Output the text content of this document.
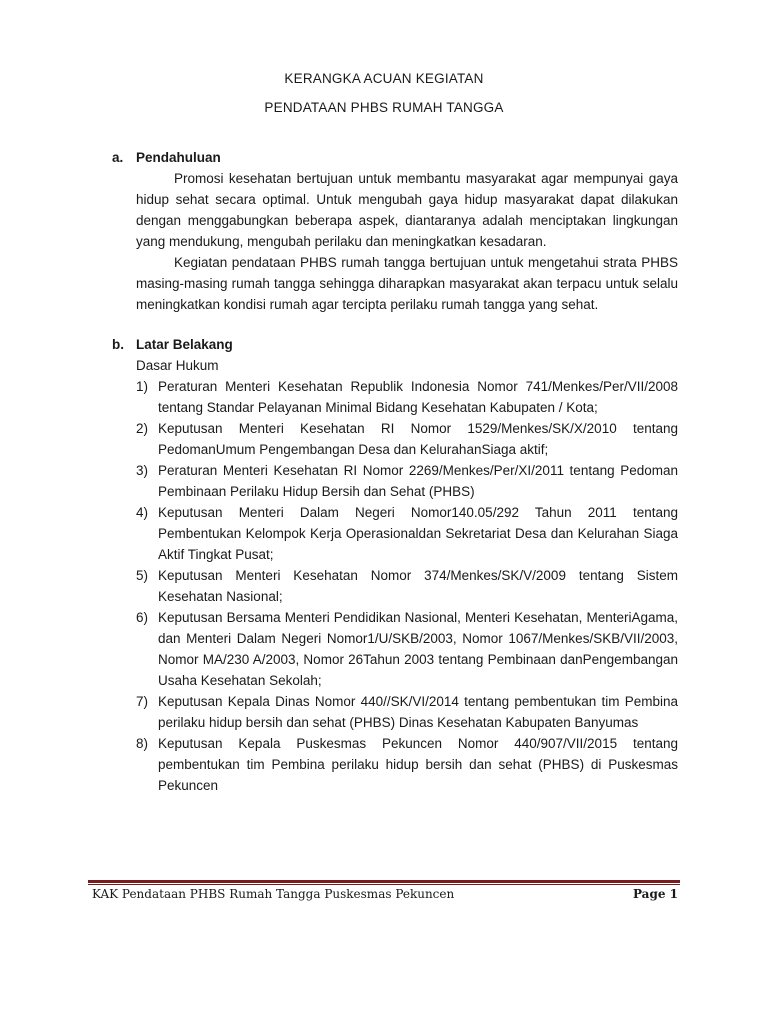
KERANGKA ACUAN KEGIATAN
PENDATAAN PHBS RUMAH TANGGA
a. Pendahuluan

Promosi kesehatan bertujuan untuk membantu masyarakat agar mempunyai gaya hidup sehat secara optimal. Untuk mengubah gaya hidup masyarakat dapat dilakukan dengan menggabungkan beberapa aspek, diantaranya adalah menciptakan lingkungan yang mendukung, mengubah perilaku dan meningkatkan kesadaran.

Kegiatan pendataan PHBS rumah tangga bertujuan untuk mengetahui strata PHBS masing-masing rumah tangga sehingga diharapkan masyarakat akan terpacu untuk selalu meningkatkan kondisi rumah agar tercipta perilaku rumah tangga yang sehat.

b. Latar Belakang

Dasar Hukum

1) Peraturan Menteri Kesehatan Republik Indonesia Nomor 741/Menkes/Per/VII/2008 tentang Standar Pelayanan Minimal Bidang Kesehatan Kabupaten / Kota;
2) Keputusan Menteri Kesehatan RI Nomor 1529/Menkes/SK/X/2010 tentang PedomanUmum Pengembangan Desa dan KelurahanSiaga aktif;
3) Peraturan Menteri Kesehatan RI Nomor 2269/Menkes/Per/XI/2011 tentang Pedoman Pembinaan Perilaku Hidup Bersih dan Sehat (PHBS)
4) Keputusan Menteri Dalam Negeri Nomor140.05/292 Tahun 2011 tentang Pembentukan Kelompok Kerja Operasionaldan Sekretariat Desa dan Kelurahan Siaga Aktif Tingkat Pusat;
5) Keputusan Menteri Kesehatan Nomor 374/Menkes/SK/V/2009 tentang Sistem Kesehatan Nasional;
6) Keputusan Bersama Menteri Pendidikan Nasional, Menteri Kesehatan, MenteriAgama, dan Menteri Dalam Negeri Nomor1/U/SKB/2003, Nomor 1067/Menkes/SKB/VII/2003, Nomor MA/230 A/2003, Nomor 26Tahun 2003 tentang Pembinaan danPengembangan Usaha Kesehatan Sekolah;
7) Keputusan Kepala Dinas Nomor 440//SK/VI/2014 tentang pembentukan tim Pembina perilaku hidup bersih dan sehat (PHBS) Dinas Kesehatan Kabupaten Banyumas
8) Keputusan Kepala Puskesmas Pekuncen Nomor 440/907/VII/2015 tentang pembentukan tim Pembina perilaku hidup bersih dan sehat (PHBS) di Puskesmas Pekuncen
KAK Pendataan PHBS Rumah Tangga Puskesmas Pekuncen	Page 1
